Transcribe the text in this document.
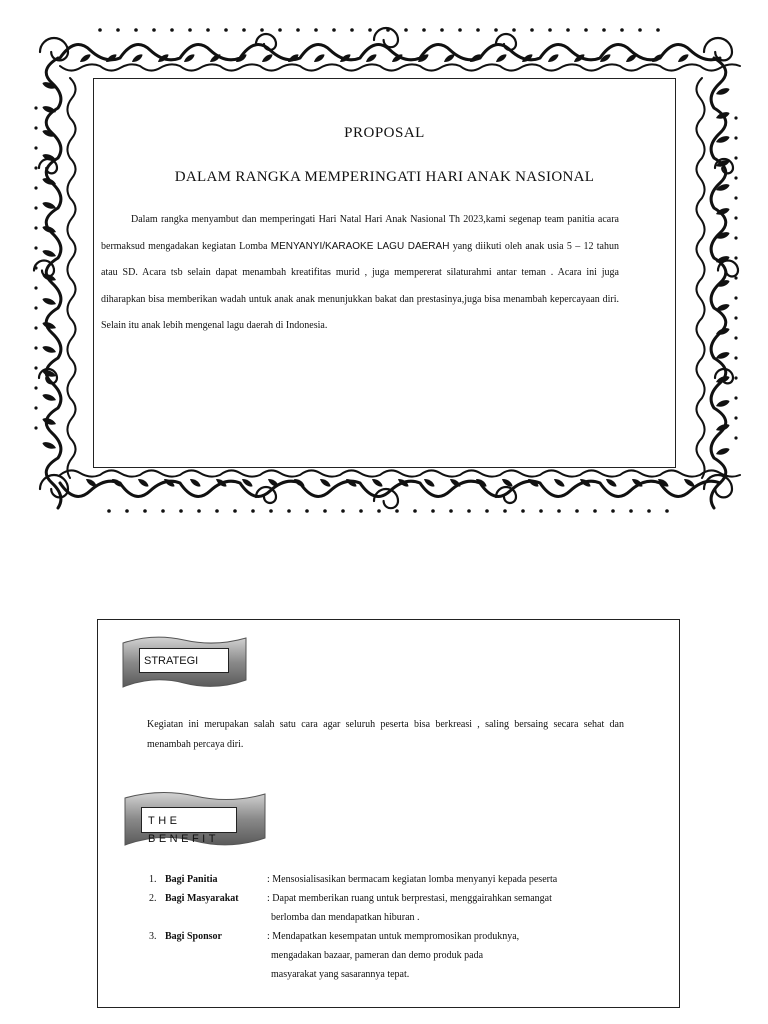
PROPOSAL
DALAM RANGKA MEMPERINGATI HARI ANAK NASIONAL

Dalam rangka menyambut dan memperingati Hari Natal Hari Anak Nasional Th 2023,kami segenap team panitia acara bermaksud mengadakan kegiatan Lomba MENYANYI/KARAOKE LAGU DAERAH yang diikuti oleh anak usia 5 – 12 tahun atau SD. Acara tsb selain dapat menambah kreatifitas murid , juga mempererat silaturahmi antar teman . Acara ini juga diharapkan bisa memberikan wadah untuk anak anak menunjukkan bakat dan prestasinya,juga bisa menambah kepercayaan diri. Selain itu anak lebih mengenal lagu daerah di Indonesia.

STRATEGI

Kegiatan ini merupakan salah satu cara agar seluruh peserta bisa berkreasi , saling bersaing secara sehat dan menambah percaya diri.

THE BENEFIT
1. Bagi Panitia	: Mensosialisasikan bermacam kegiatan lomba menyanyi kepada peserta
2. Bagi Masyarakat	: Dapat memberikan ruang untuk berprestasi, menggairahkan semangat
berlomba dan mendapatkan hiburan .
3. Bagi Sponsor	: Mendapatkan kesempatan untuk mempromosikan produknya,
mengadakan bazaar, pameran dan demo produk pada
masyarakat yang sasarannya tepat.
